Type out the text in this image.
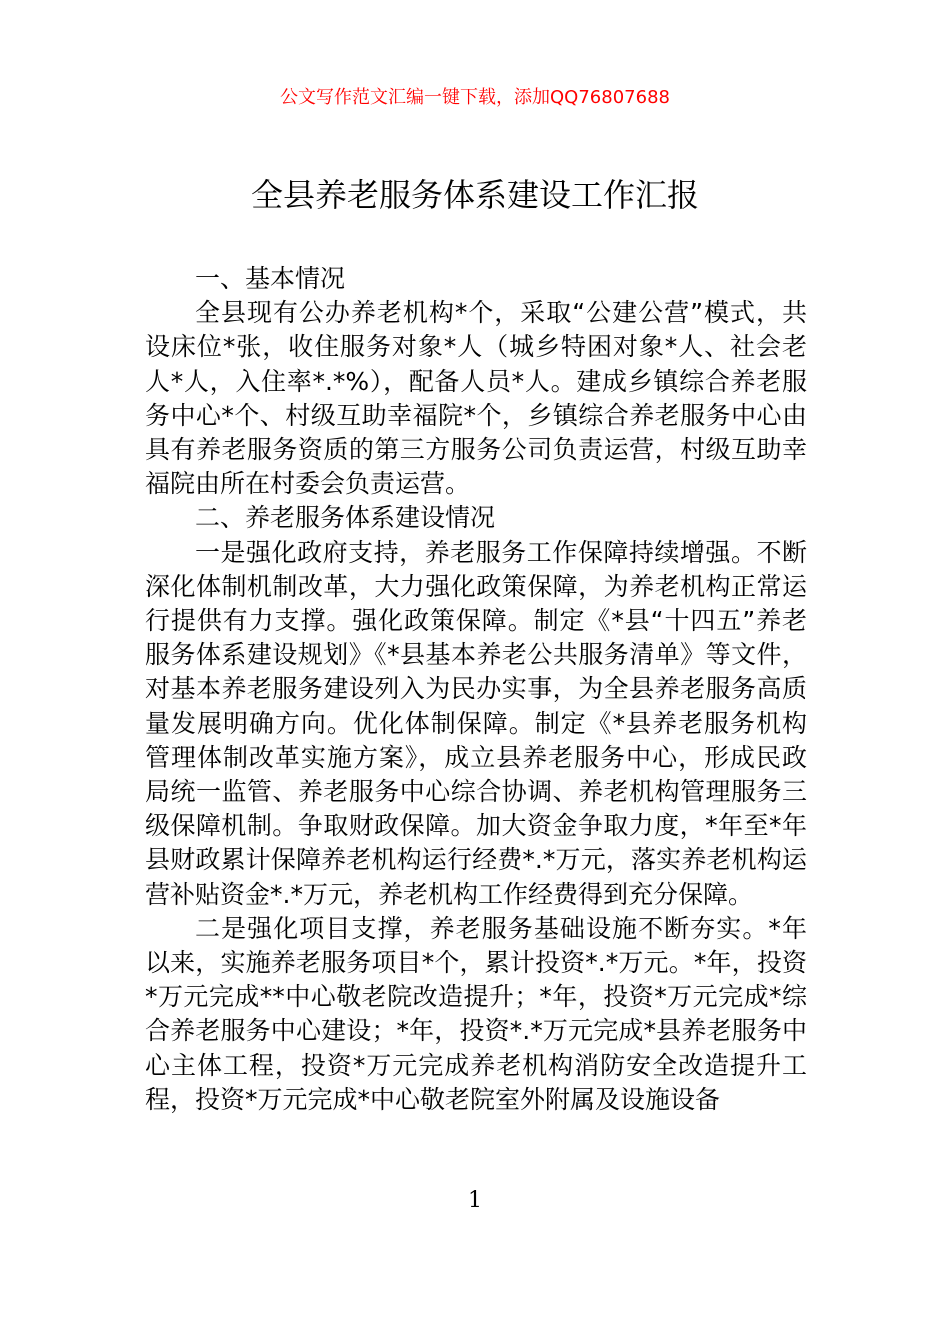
公文写作范文汇编一键下载，添加QQ76807688
全县养老服务体系建设工作汇报

一、基本情况

全县现有公办养老机构*个，采取“公建公营”模式，共设床位*张，收住服务对象*人（城乡特困对象*人、社会老人*人，入住率*.*%），配备人员*人。建成乡镇综合养老服务中心*个、村级互助幸福院*个，乡镇综合养老服务中心由具有养老服务资质的第三方服务公司负责运营，村级互助幸福院由所在村委会负责运营。

二、养老服务体系建设情况

一是强化政府支持，养老服务工作保障持续增强。不断深化体制机制改革，大力强化政策保障，为养老机构正常运行提供有力支撑。强化政策保障。制定《*县“十四五”养老服务体系建设规划》《*县基本养老公共服务清单》等文件，对基本养老服务建设列入为民办实事，为全县养老服务高质量发展明确方向。优化体制保障。制定《*县养老服务机构管理体制改革实施方案》，成立县养老服务中心，形成民政局统一监管、养老服务中心综合协调、养老机构管理服务三级保障机制。争取财政保障。加大资金争取力度，*年至*年县财政累计保障养老机构运行经费*.*万元，落实养老机构运营补贴资金*.*万元，养老机构工作经费得到充分保障。

二是强化项目支撑，养老服务基础设施不断夯实。*年以来，实施养老服务项目*个，累计投资*.*万元。*年，投资*万元完成**中心敬老院改造提升；*年，投资*万元完成*综合养老服务中心建设；*年，投资*.*万元完成*县养老服务中心主体工程，投资*万元完成养老机构消防安全改造提升工程，投资*万元完成*中心敬老院室外附属及设施设备

1
